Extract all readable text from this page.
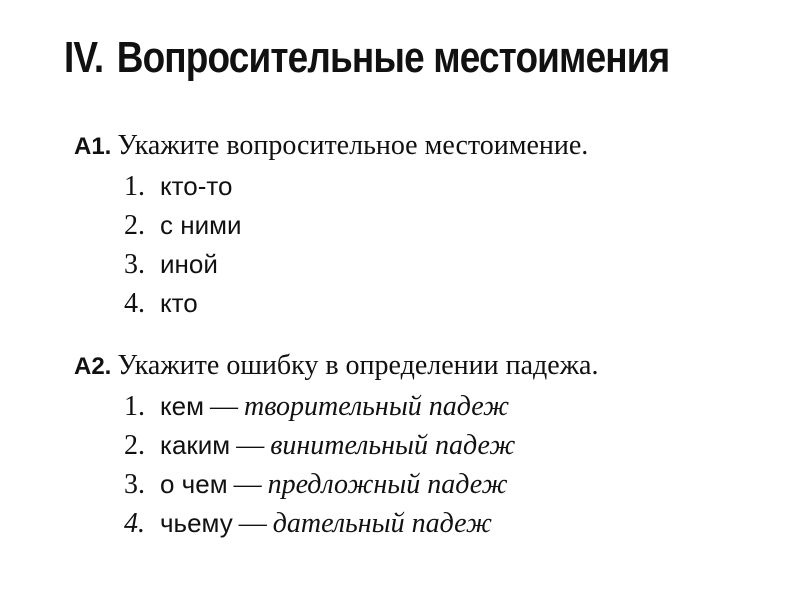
IV. Вопросительные местоимения
A1. Укажите вопросительное местоимение.
1. кто-то
2. с ними
3. иной
4. кто
A2. Укажите ошибку в определении падежа.
1. кем — творительный падеж
2. каким — винительный падеж
3. о чем — предложный падеж
4. чьему — дательный падеж
